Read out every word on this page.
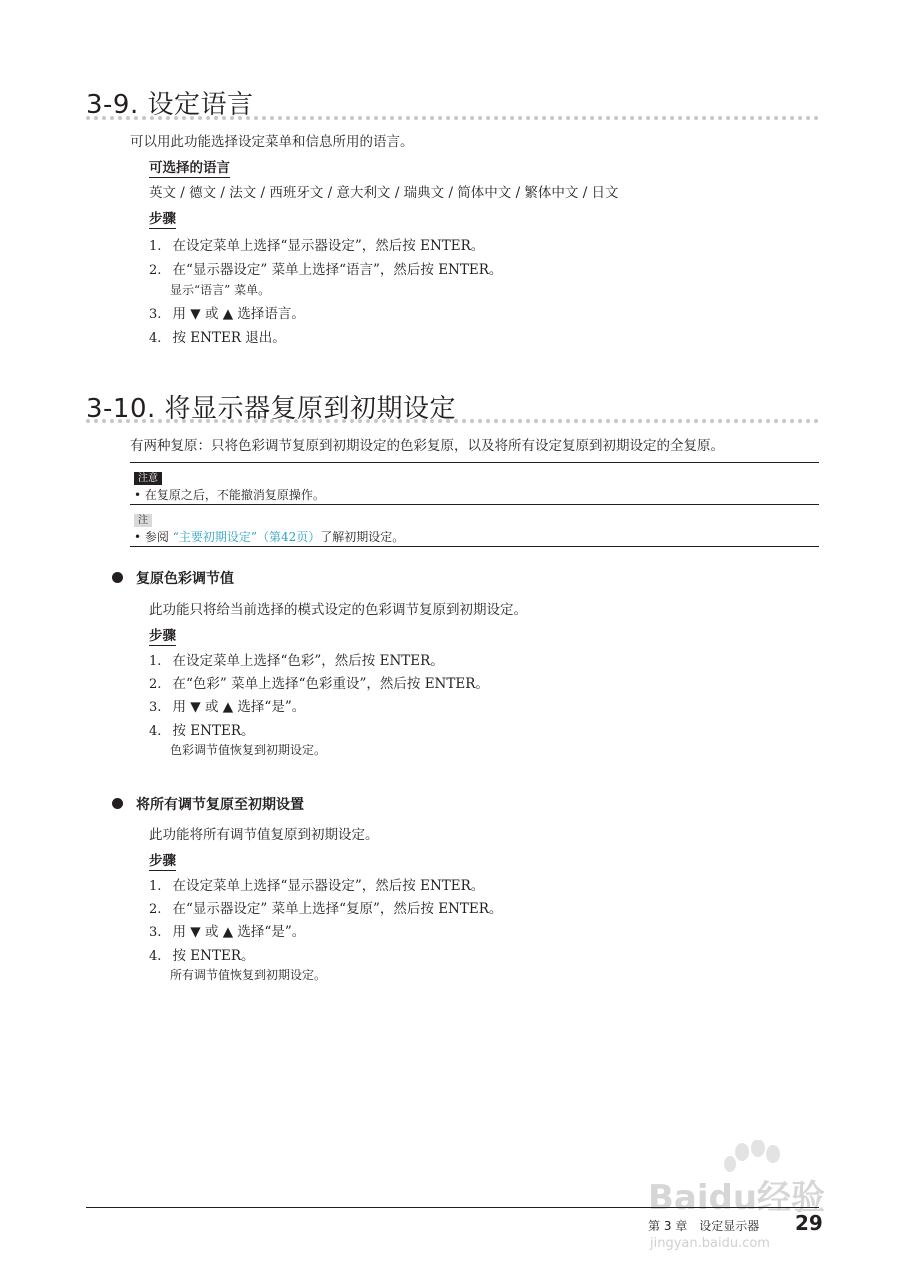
3-9. 设定语言
可以用此功能选择设定菜单和信息所用的语言。
可选择的语言
英文 / 德文 / 法文 / 西班牙文 / 意大利文 / 瑞典文 / 简体中文 / 繁体中文 / 日文
步骤
1. 在设定菜单上选择“显示器设定”，然后按 ENTER。
2. 在“显示器设定” 菜单上选择“语言”，然后按 ENTER。
显示“语言” 菜单。
3. 用 ▼ 或 ▲ 选择语言。
4. 按 ENTER 退出。
3-10. 将显示器复原到初期设定
有两种复原：只将色彩调节复原到初期设定的色彩复原，以及将所有设定复原到初期设定的全复原。
注意
• 在复原之后，不能撤消复原操作。
注
• 参阅 “主要初期设定”（第42页）了解初期设定。
复原色彩调节值
此功能只将给当前选择的模式设定的色彩调节复原到初期设定。
步骤
1. 在设定菜单上选择“色彩”，然后按 ENTER。
2. 在“色彩” 菜单上选择“色彩重设”，然后按 ENTER。
3. 用 ▼ 或 ▲ 选择“是”。
4. 按 ENTER。
色彩调节值恢复到初期设定。
将所有调节复原至初期设置
此功能将所有调节值复原到初期设定。
步骤
1. 在设定菜单上选择“显示器设定”，然后按 ENTER。
2. 在“显示器设定” 菜单上选择“复原”，然后按 ENTER。
3. 用 ▼ 或 ▲ 选择“是”。
4. 按 ENTER。
所有调节值恢复到初期设定。
Baidu经验
jingyan.baidu.com
第 3 章　设定显示器 29
